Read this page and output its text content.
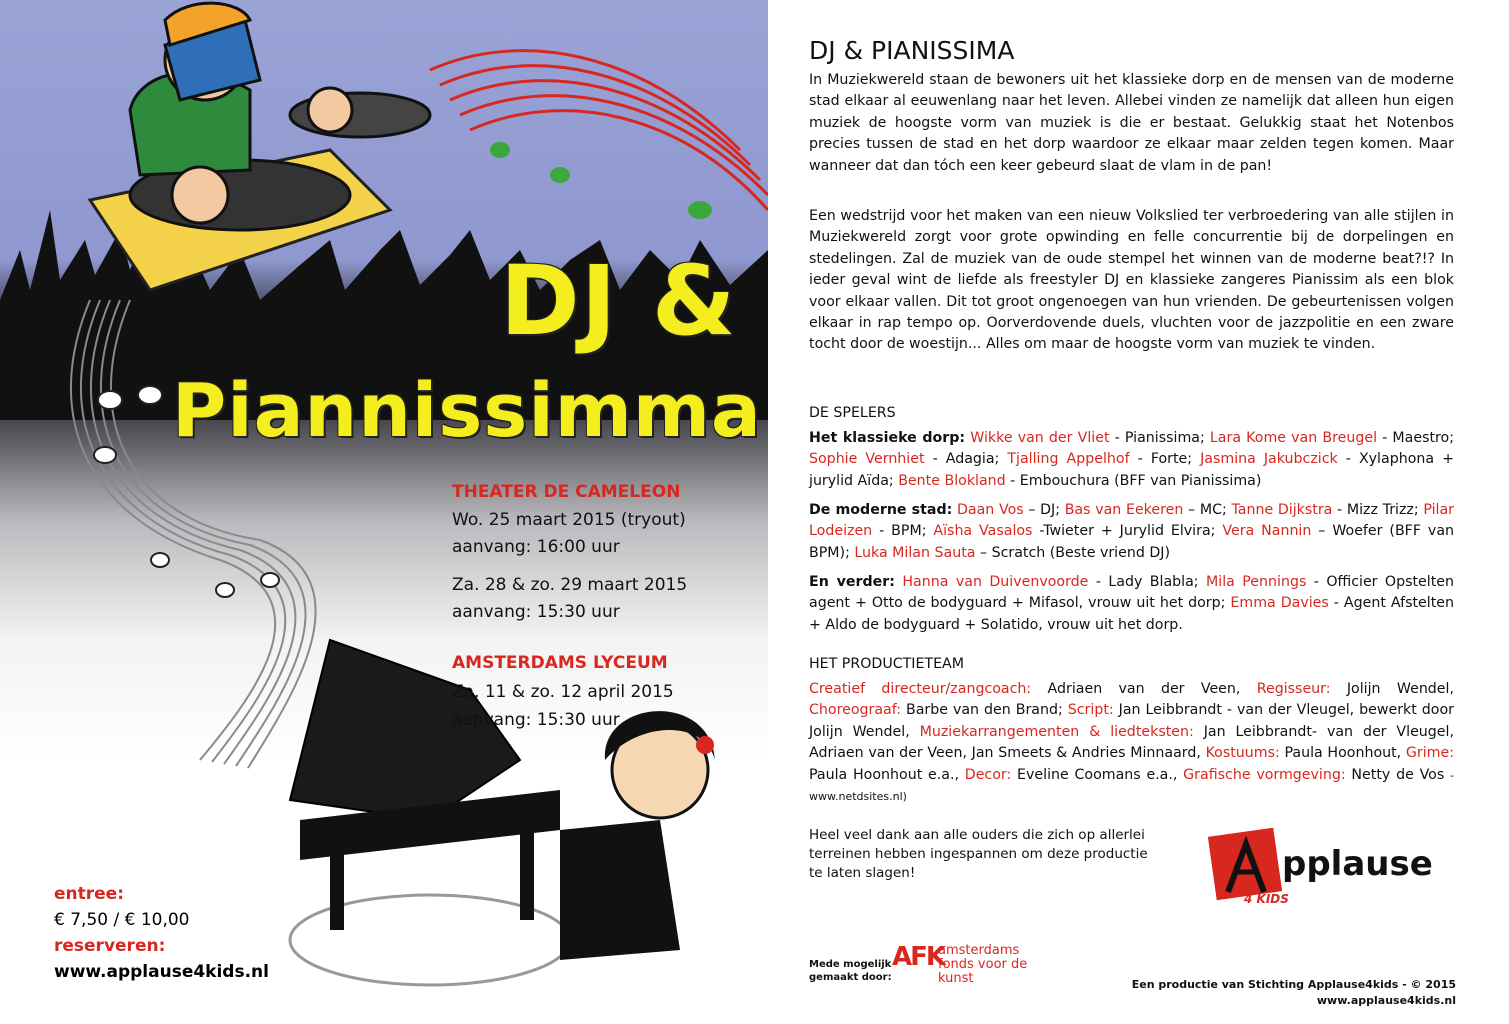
DJ &
Piannissimma
THEATER DE CAMELEON
Wo. 25 maart 2015 (tryout)
aanvang: 16:00 uur
Za. 28 & zo. 29 maart 2015
aanvang: 15:30 uur
AMSTERDAMS LYCEUM
Za. 11 & zo. 12 april 2015
aanvang: 15:30 uur
entree:
€ 7,50 / € 10,00
reserveren:
www.applause4kids.nl
DJ & PIANISSIMA
In Muziekwereld staan de bewoners uit het klassieke dorp en de mensen van de moderne stad elkaar al eeuwenlang naar het leven. Allebei vinden ze namelijk dat alleen hun eigen muziek de hoogste vorm van muziek is die er bestaat. Gelukkig staat het Notenbos precies tussen de stad en het dorp waardoor ze elkaar maar zelden tegen komen. Maar wanneer dat dan tóch een keer gebeurd slaat de vlam in de pan!
Een wedstrijd voor het maken van een nieuw Volkslied ter verbroedering van alle stijlen in Muziekwereld zorgt voor grote opwinding en felle concurrentie bij de dorpelingen en stedelingen. Zal de muziek van de oude stempel het winnen van de moderne beat?!? In ieder geval wint de liefde als freestyler DJ en klassieke zangeres Pianissim als een blok voor elkaar vallen. Dit tot groot ongenoegen van hun vrienden. De gebeurtenissen volgen elkaar in rap tempo op. Oorverdovende duels, vluchten voor de jazzpolitie en een zware tocht door de woestijn... Alles om maar de hoogste vorm van muziek te vinden.
DE SPELERS
Het klassieke dorp: Wikke van der Vliet - Pianissima; Lara Kome van Breugel - Maestro; Sophie Vernhiet - Adagia; Tjalling Appelhof - Forte; Jasmina Jakubczick - Xylaphona + jurylid Aïda; Bente Blokland - Embouchura (BFF van Pianissima)
De moderne stad: Daan Vos – DJ; Bas van Eekeren – MC; Tanne Dijkstra - Mizz Trizz; Pilar Lodeizen - BPM; Aïsha Vasalos -Twieter + Jurylid Elvira; Vera Nannin – Woefer (BFF van BPM); Luka Milan Sauta – Scratch (Beste vriend DJ)
En verder: Hanna van Duivenvoorde - Lady Blabla; Mila Pennings - Officier Opstelten agent + Otto de bodyguard + Mifasol, vrouw uit het dorp; Emma Davies - Agent Afstelten + Aldo de bodyguard + Solatido, vrouw uit het dorp.
HET PRODUCTIETEAM
Creatief directeur/zangcoach: Adriaen van der Veen, Regisseur: Jolijn Wendel, Choreograaf: Barbe van den Brand; Script: Jan Leibbrandt - van der Vleugel, bewerkt door Jolijn Wendel, Muziekarrangementen & liedteksten: Jan Leibbrandt- van der Vleugel, Adriaen van der Veen, Jan Smeets & Andries Minnaard, Kostuums: Paula Hoonhout, Grime: Paula Hoonhout e.a., Decor: Eveline Coomans e.a., Grafische vormgeving: Netty de Vos - www.netdsites.nl)
Heel veel dank aan alle ouders die zich op allerlei terreinen hebben ingespannen om deze productie te laten slagen!	pplause
4 KIDS
Mede mogelijk gemaakt door:
AFK
amsterdams
fonds voor de
kunst	Een productie van Stichting Applause4kids - © 2015
www.applause4kids.nl
